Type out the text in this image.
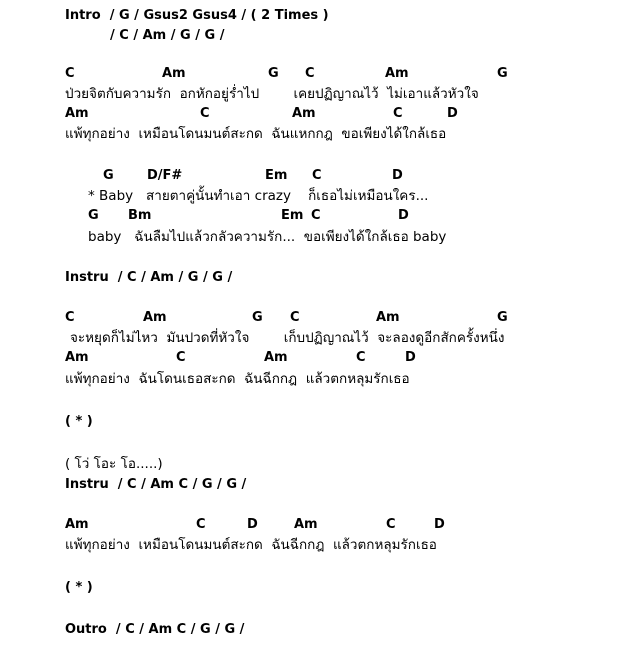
Intro  / G / Gsus2 Gsus4 / ( 2 Times )
/ C / Am / G / G /
C	Am	G C	Am	G
ป่วยจิตกับความรัก  อกหักอยู่ร่ำไป        เคยปฏิญาณไว้  ไม่เอาแล้วหัวใจ
Am	C	Am	C	D
แพ้ทุกอย่าง  เหมือนโดนมนต์สะกด  ฉันแหกกฎ  ขอเพียงได้ใกล้เธอ
G	D/F#	Em C	D
* Baby   สายตาคู่นั้นทำเอา crazy    ก็เธอไม่เหมือนใคร...
G Bm	Em C	D
baby   ฉันลืมไปแล้วกลัวความรัก...  ขอเพียงได้ใกล้เธอ baby
Instru  / C / Am / G / G /
C	Am	G C	Am	G
จะหยุดก็ไม่ไหว  มันปวดที่หัวใจ        เก็บปฏิญาณไว้  จะลองดูอีกสักครั้งหนึ่ง
Am	C	Am	C	D
แพ้ทุกอย่าง  ฉันโดนเธอสะกด  ฉันฉีกกฎ  แล้วตกหลุมรักเธอ
( * )
( โว่ โอะ โอ.....)
Instru  / C / Am C / G / G /
Am	C	D	Am	C	D
แพ้ทุกอย่าง  เหมือนโดนมนต์สะกด  ฉันฉีกกฎ  แล้วตกหลุมรักเธอ
( * )
Outro  / C / Am C / G / G /
